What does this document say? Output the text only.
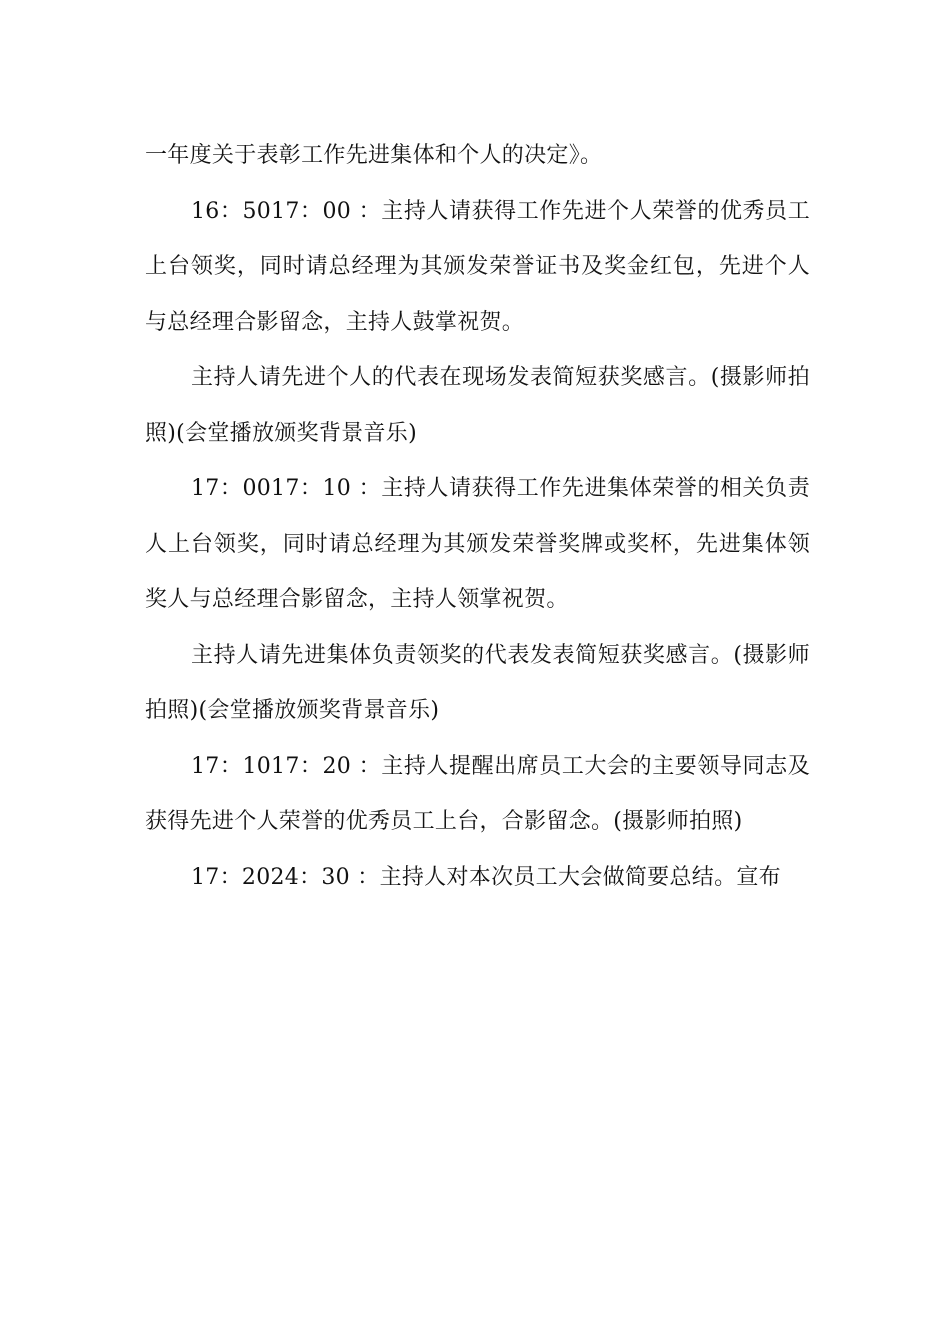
一年度关于表彰工作先进集体和个人的决定》。

16：5017：00 ：主持人请获得工作先进个人荣誉的优秀员工上台领奖，同时请总经理为其颁发荣誉证书及奖金红包，先进个人与总经理合影留念，主持人鼓掌祝贺。

主持人请先进个人的代表在现场发表简短获奖感言。(摄影师拍照)(会堂播放颁奖背景音乐)

17：0017：10 ：主持人请获得工作先进集体荣誉的相关负责人上台领奖，同时请总经理为其颁发荣誉奖牌或奖杯，先进集体领奖人与总经理合影留念，主持人领掌祝贺。

主持人请先进集体负责领奖的代表发表简短获奖感言。(摄影师拍照)(会堂播放颁奖背景音乐)

17：1017：20 ：主持人提醒出席员工大会的主要领导同志及获得先进个人荣誉的优秀员工上台，合影留念。(摄影师拍照)

17：2024：30 ：主持人对本次员工大会做简要总结。宣布
